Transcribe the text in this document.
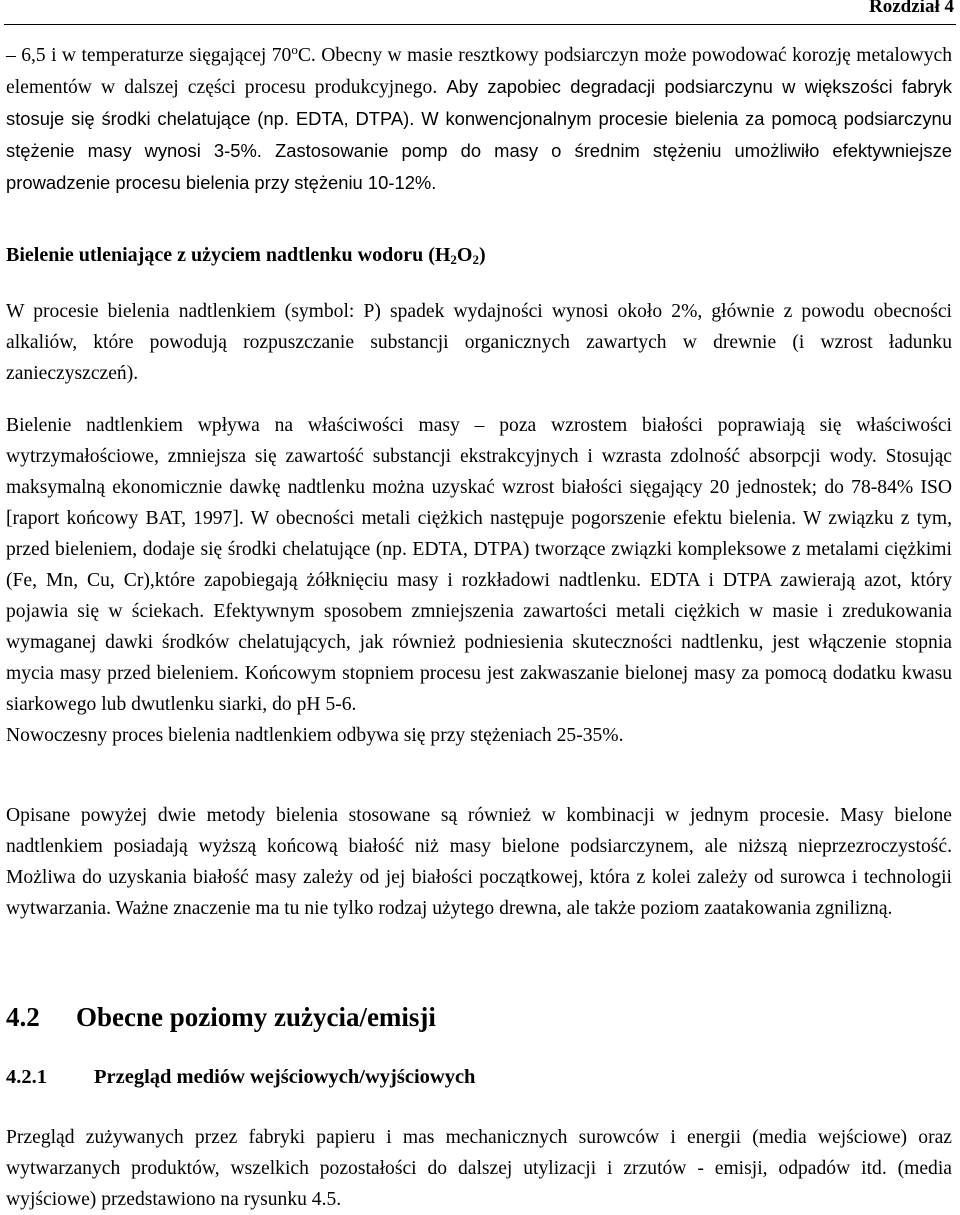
Rozdział 4

– 6,5 i w temperaturze sięgającej 70$^o$C. Obecny w masie resztkowy podsiarczyn może powodować korozję metalowych elementów w dalszej części procesu produkcyjnego. Aby zapobiec degradacji podsiarczynu w większości fabryk stosuje się środki chelatujące (np. EDTA, DTPA). W konwencjonalnym procesie bielenia za pomocą podsiarczynu stężenie masy wynosi 3-5%. Zastosowanie pomp do masy o średnim stężeniu umożliwiło efektywniejsze prowadzenie procesu bielenia przy stężeniu 10-12%.

Bielenie utleniające z użyciem nadtlenku wodoru $(H_2O_2)$

W procesie bielenia nadtlenkiem (symbol: P) spadek wydajności wynosi około 2%, głównie z powodu obecności alkaliów, które powodują rozpuszczanie substancji organicznych zawartych w drewnie (i wzrost ładunku zanieczyszczeń).

Bielenie nadtlenkiem wpływa na właściwości masy – poza wzrostem białości poprawiają się właściwości wytrzymałościowe, zmniejsza się zawartość substancji ekstrakcyjnych i wzrasta zdolność absorpcji wody. Stosując maksymalną ekonomicznie dawkę nadtlenku można uzyskać wzrost białości sięgający 20 jednostek; do 78-84% ISO [raport końcowy BAT, 1997]. W obecności metali ciężkich następuje pogorszenie efektu bielenia. W związku z tym, przed bieleniem, dodaje się środki chelatujące (np. EDTA, DTPA) tworzące związki kompleksowe z metalami ciężkimi (Fe, Mn, Cu, Cr),które zapobiegają żółknięciu masy i rozkładowi nadtlenku. EDTA i DTPA zawierają azot, który pojawia się w ściekach. Efektywnym sposobem zmniejszenia zawartości metali ciężkich w masie i zredukowania wymaganej dawki środków chelatujących, jak również podniesienia skuteczności nadtlenku, jest włączenie stopnia mycia masy przed bieleniem. Końcowym stopniem procesu jest zakwaszanie bielonej masy za pomocą dodatku kwasu siarkowego lub dwutlenku siarki, do pH 5-6.

Nowoczesny proces bielenia nadtlenkiem odbywa się przy stężeniach 25-35%.

Opisane powyżej dwie metody bielenia stosowane są również w kombinacji w jednym procesie. Masy bielone nadtlenkiem posiadają wyższą końcową białość niż masy bielone podsiarczynem, ale niższą nieprzezroczystość. Możliwa do uzyskania białość masy zależy od jej białości początkowej, która z kolei zależy od surowca i technologii wytwarzania. Ważne znaczenie ma tu nie tylko rodzaj użytego drewna, ale także poziom zaatakowania zgnilizną.

4.2 Obecne poziomy zużycia/emisji
4.2.1 Przegląd mediów wejściowych/wyjściowych

Przegląd zużywanych przez fabryki papieru i mas mechanicznych surowców i energii (media wejściowe) oraz wytwarzanych produktów, wszelkich pozostałości do dalszej utylizacji i zrzutów - emisji, odpadów itd. (media wyjściowe) przedstawiono na rysunku 4.5.
